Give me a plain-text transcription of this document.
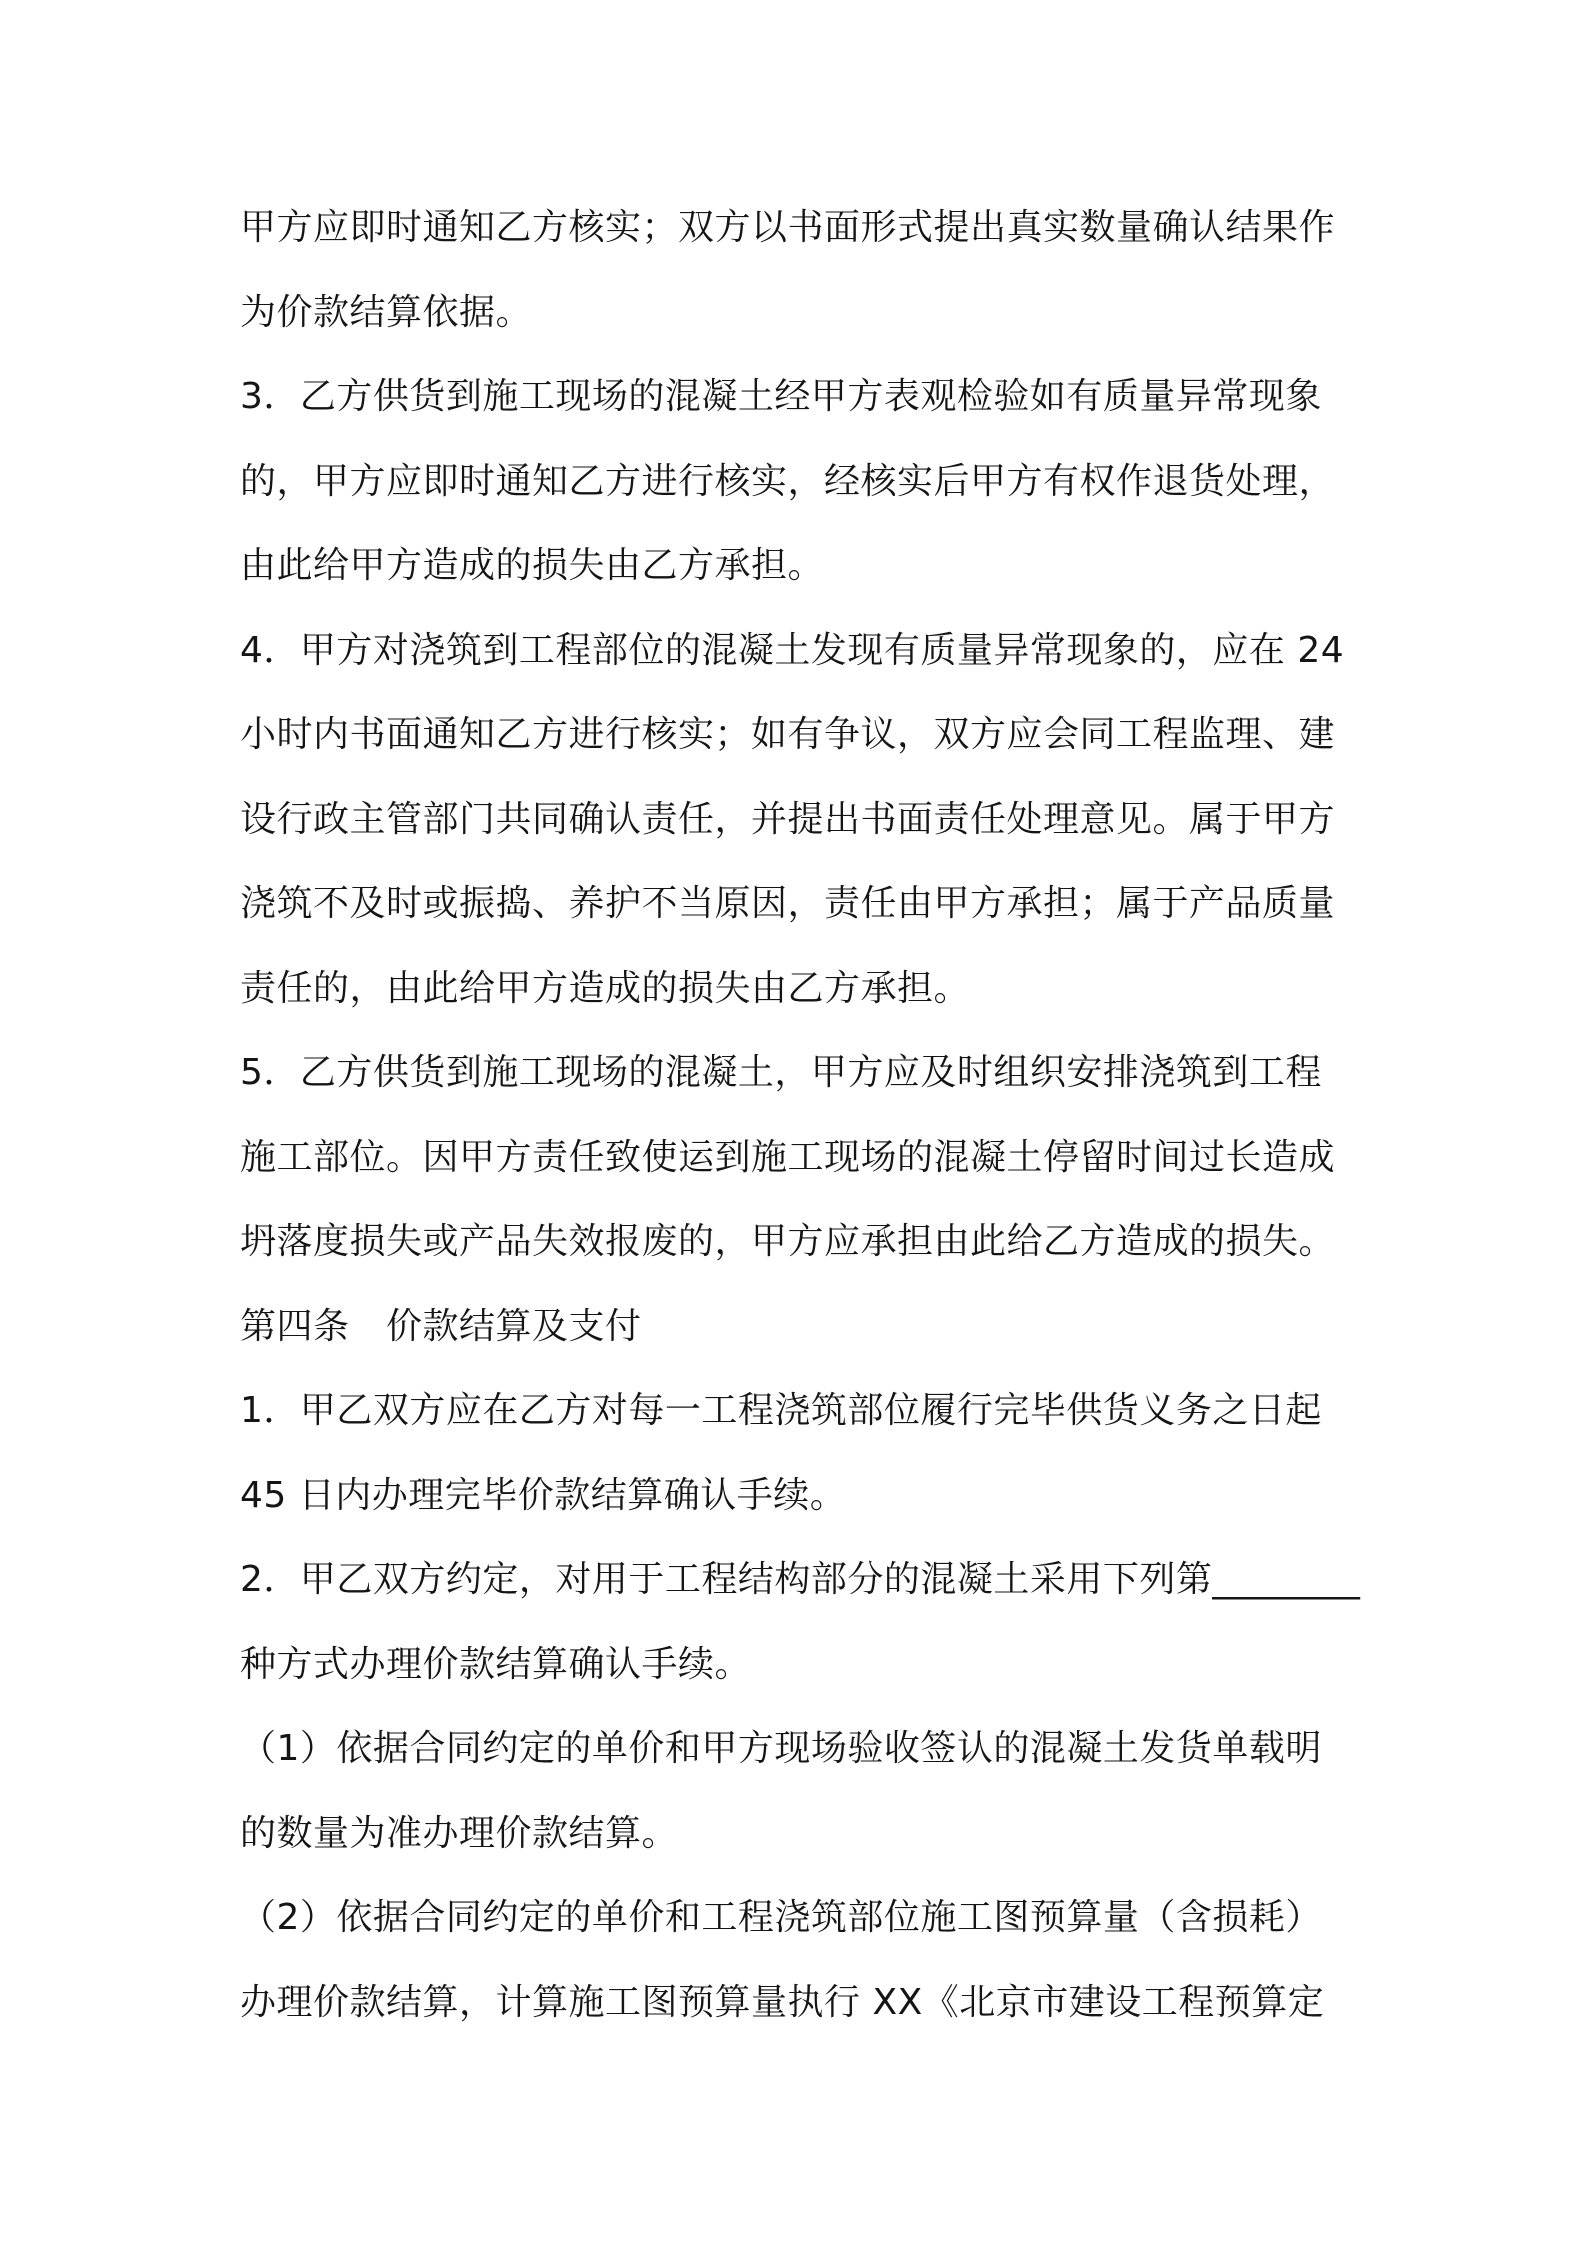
甲方应即时通知乙方核实；双方以书面形式提出真实数量确认结果作
为价款结算依据。
3．乙方供货到施工现场的混凝土经甲方表观检验如有质量异常现象
的，甲方应即时通知乙方进行核实，经核实后甲方有权作退货处理，
由此给甲方造成的损失由乙方承担。
4．甲方对浇筑到工程部位的混凝土发现有质量异常现象的，应在 24
小时内书面通知乙方进行核实；如有争议，双方应会同工程监理、建
设行政主管部门共同确认责任，并提出书面责任处理意见。属于甲方
浇筑不及时或振捣、养护不当原因，责任由甲方承担；属于产品质量
责任的，由此给甲方造成的损失由乙方承担。
5．乙方供货到施工现场的混凝土，甲方应及时组织安排浇筑到工程
施工部位。因甲方责任致使运到施工现场的混凝土停留时间过长造成
坍落度损失或产品失效报废的，甲方应承担由此给乙方造成的损失。
第四条　价款结算及支付
1．甲乙双方应在乙方对每一工程浇筑部位履行完毕供货义务之日起
45 日内办理完毕价款结算确认手续。
2．甲乙双方约定，对用于工程结构部分的混凝土采用下列第________
种方式办理价款结算确认手续。
（1）依据合同约定的单价和甲方现场验收签认的混凝土发货单载明
的数量为准办理价款结算。
（2）依据合同约定的单价和工程浇筑部位施工图预算量（含损耗）
办理价款结算，计算施工图预算量执行 XX《北京市建设工程预算定
